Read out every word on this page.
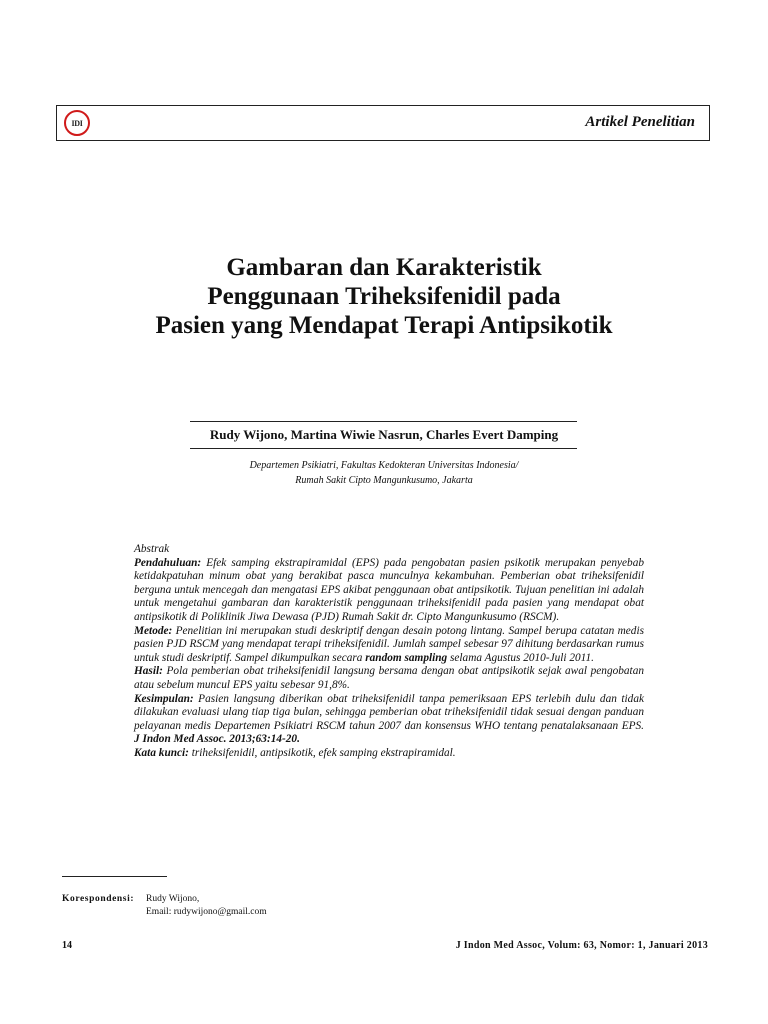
IDI	Artikel Penelitian
Gambaran dan Karakteristik
Penggunaan Triheksifenidil pada
Pasien yang Mendapat Terapi Antipsikotik
Rudy Wijono, Martina Wiwie Nasrun, Charles Evert Damping
Departemen Psikiatri, Fakultas Kedokteran Universitas Indonesia/
Rumah Sakit Cipto Mangunkusumo, Jakarta

Abstrak

Pendahuluan: Efek samping ekstrapiramidal (EPS) pada pengobatan pasien psikotik merupakan penyebab ketidakpatuhan minum obat yang berakibat pasca munculnya kekambuhan. Pemberian obat triheksifenidil berguna untuk mencegah dan mengatasi EPS akibat penggunaan obat antipsikotik. Tujuan penelitian ini adalah untuk mengetahui gambaran dan karakteristik penggunaan triheksifenidil pada pasien yang mendapat obat antipsikotik di Poliklinik Jiwa Dewasa (PJD) Rumah Sakit dr. Cipto Mangunkusumo (RSCM).

Metode: Penelitian ini merupakan studi deskriptif dengan desain potong lintang. Sampel berupa catatan medis pasien PJD RSCM yang mendapat terapi triheksifenidil. Jumlah sampel sebesar 97 dihitung berdasarkan rumus untuk studi deskriptif. Sampel dikumpulkan secara random sampling selama Agustus 2010-Juli 2011.

Hasil: Pola pemberian obat triheksifenidil langsung bersama dengan obat antipsikotik sejak awal pengobatan atau sebelum muncul EPS yaitu sebesar 91,8%.

Kesimpulan: Pasien langsung diberikan obat triheksifenidil tanpa pemeriksaan EPS terlebih dulu dan tidak dilakukan evaluasi ulang tiap tiga bulan, sehingga pemberian obat triheksifenidil tidak sesuai dengan panduan pelayanan medis Departemen Psikiatri RSCM tahun 2007 dan konsensus WHO tentang penatalaksanaan EPS. J Indon Med Assoc. 2013;63:14-20.

Kata kunci: triheksifenidil, antipsikotik, efek samping ekstrapiramidal.

Korespondensi: Rudy Wijono,
Email: rudywijono@gmail.com
14	J Indon Med Assoc, Volum: 63, Nomor: 1, Januari 2013
